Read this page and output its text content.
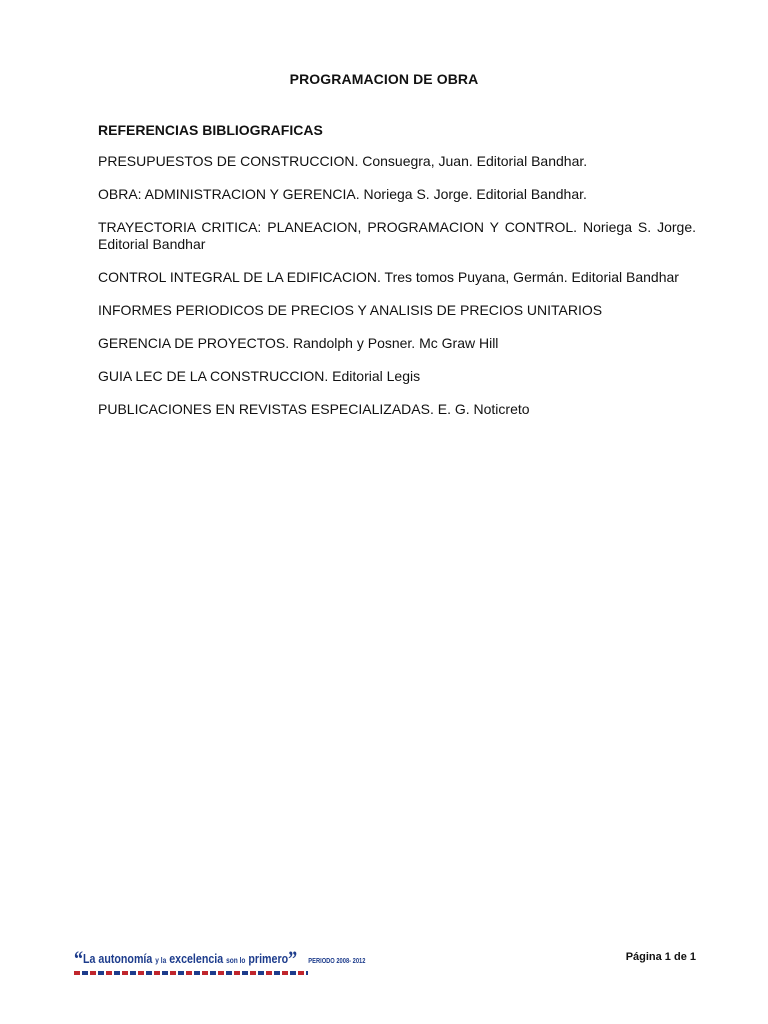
PROGRAMACION DE OBRA
REFERENCIAS BIBLIOGRAFICAS
PRESUPUESTOS DE CONSTRUCCION. Consuegra, Juan. Editorial Bandhar.
OBRA: ADMINISTRACION Y GERENCIA. Noriega S. Jorge. Editorial Bandhar.
TRAYECTORIA CRITICA: PLANEACION, PROGRAMACION Y CONTROL. Noriega S. Jorge. Editorial Bandhar
CONTROL INTEGRAL DE LA EDIFICACION. Tres tomos Puyana, Germán. Editorial Bandhar
INFORMES PERIODICOS DE PRECIOS Y ANALISIS DE PRECIOS UNITARIOS
GERENCIA DE PROYECTOS. Randolph y Posner. Mc Graw Hill
GUIA LEC DE LA CONSTRUCCION. Editorial Legis
PUBLICACIONES EN REVISTAS ESPECIALIZADAS. E. G. Noticreto
“La autonomía y la excelencia son lo primero” PERIODO 2008- 2012	Página 1 de 1
